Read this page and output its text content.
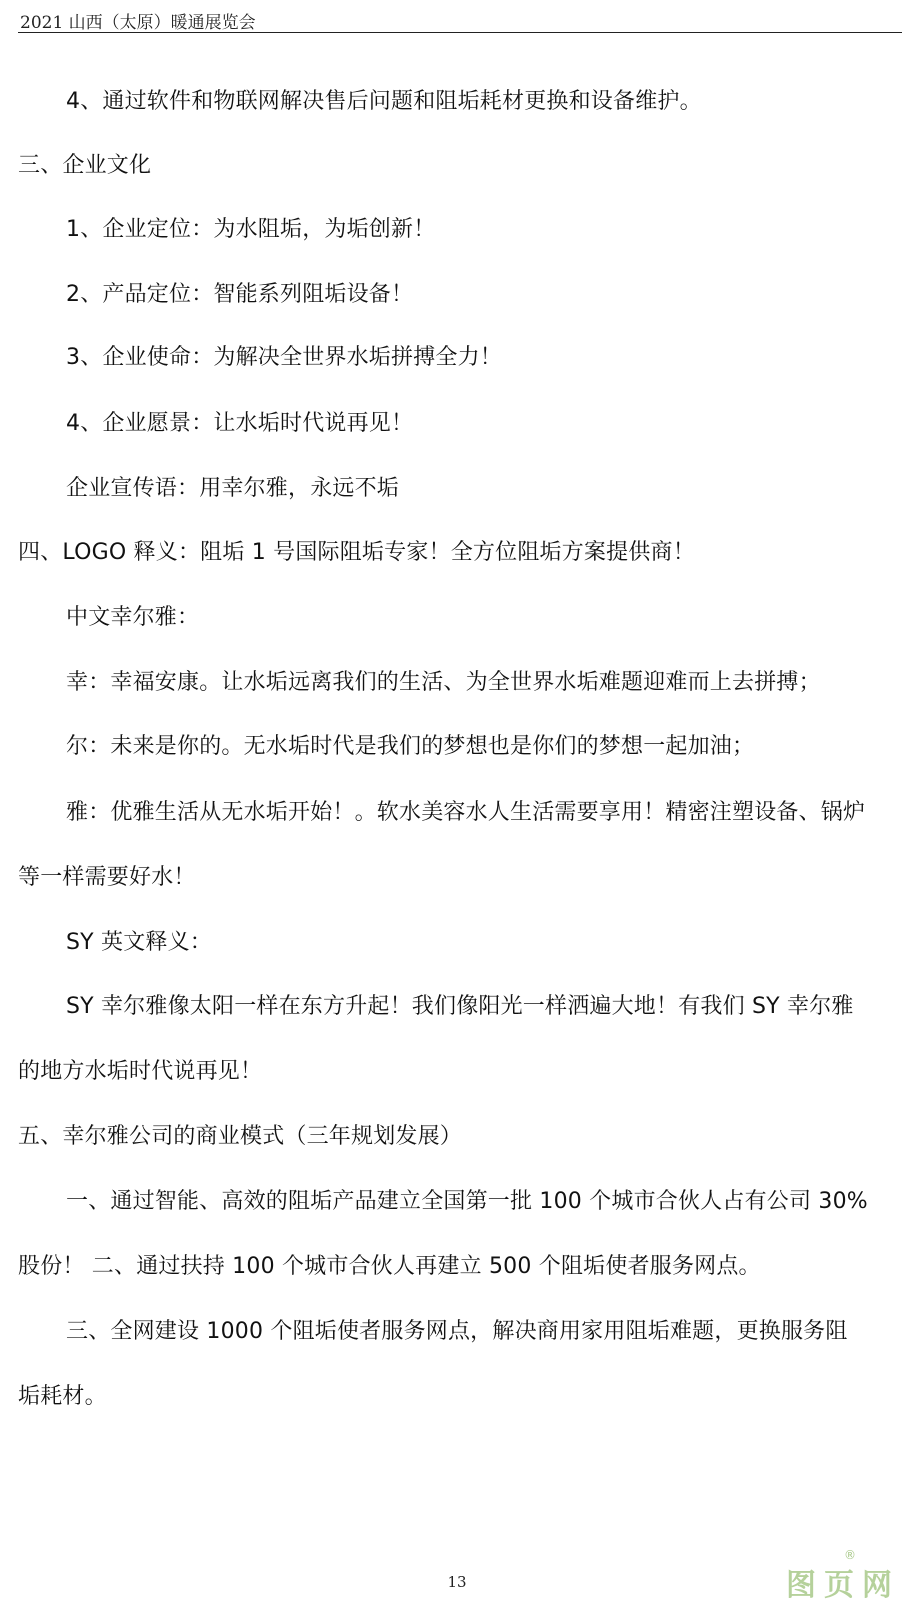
2021 山西（太原）暖通展览会
4、通过软件和物联网解决售后问题和阻垢耗材更换和设备维护。
三、企业文化
1、企业定位：为水阻垢，为垢创新！
2、产品定位：智能系列阻垢设备！
3、企业使命：为解决全世界水垢拼搏全力！
4、企业愿景：让水垢时代说再见！
企业宣传语：用幸尔雅，永远不垢
四、LOGO 释义：阻垢 1 号国际阻垢专家！全方位阻垢方案提供商！
中文幸尔雅：
幸：幸福安康。让水垢远离我们的生活、为全世界水垢难题迎难而上去拼搏；
尔：未来是你的。无水垢时代是我们的梦想也是你们的梦想一起加油；
雅：优雅生活从无水垢开始！。软水美容水人生活需要享用！精密注塑设备、锅炉
等一样需要好水！
SY 英文释义：
SY 幸尔雅像太阳一样在东方升起！我们像阳光一样洒遍大地！有我们 SY 幸尔雅
的地方水垢时代说再见！
五、幸尔雅公司的商业模式（三年规划发展）
一、通过智能、高效的阻垢产品建立全国第一批 100 个城市合伙人占有公司 30%
股份！ 二、通过扶持 100 个城市合伙人再建立 500 个阻垢使者服务网点。
三、全网建设 1000 个阻垢使者服务网点，解决商用家用阻垢难题，更换服务阻
垢耗材。
13
®
图页网
